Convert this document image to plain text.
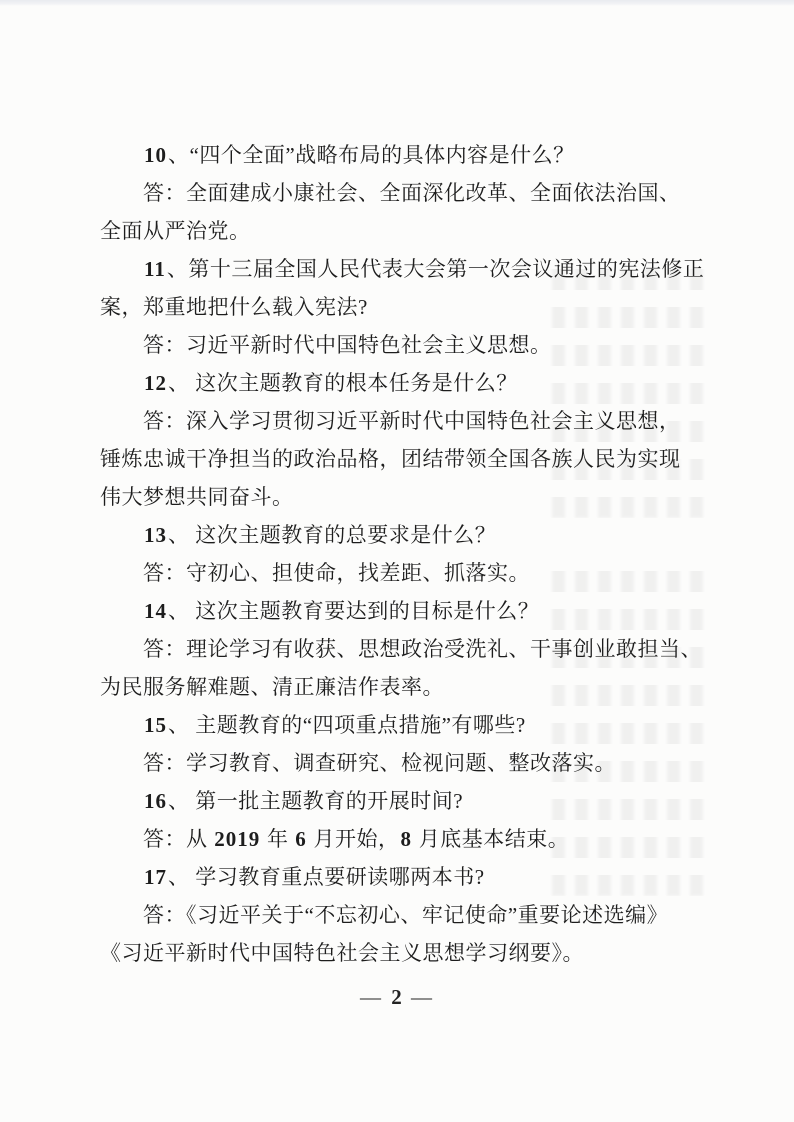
10、“四个全面”战略布局的具体内容是什么？
答：全面建成小康社会、全面深化改革、全面依法治国、
全面从严治党。
11、第十三届全国人民代表大会第一次会议通过的宪法修正
案，郑重地把什么载入宪法?
答：习近平新时代中国特色社会主义思想。
12、 这次主题教育的根本任务是什么？
答：深入学习贯彻习近平新时代中国特色社会主义思想，
锤炼忠诚干净担当的政治品格，团结带领全国各族人民为实现
伟大梦想共同奋斗。
13、 这次主题教育的总要求是什么？
答：守初心、担使命，找差距、抓落实。
14、 这次主题教育要达到的目标是什么？
答：理论学习有收获、思想政治受洗礼、干事创业敢担当、
为民服务解难题、清正廉洁作表率。
15、 主题教育的“四项重点措施”有哪些?
答：学习教育、调查研究、检视问题、整改落实。
16、 第一批主题教育的开展时间?
答：从 2019 年 6 月开始，8 月底基本结束。
17、 学习教育重点要研读哪两本书?
答：《习近平关于“不忘初心、牢记使命”重要论述选编》
《习近平新时代中国特色社会主义思想学习纲要》。
— 2 —
